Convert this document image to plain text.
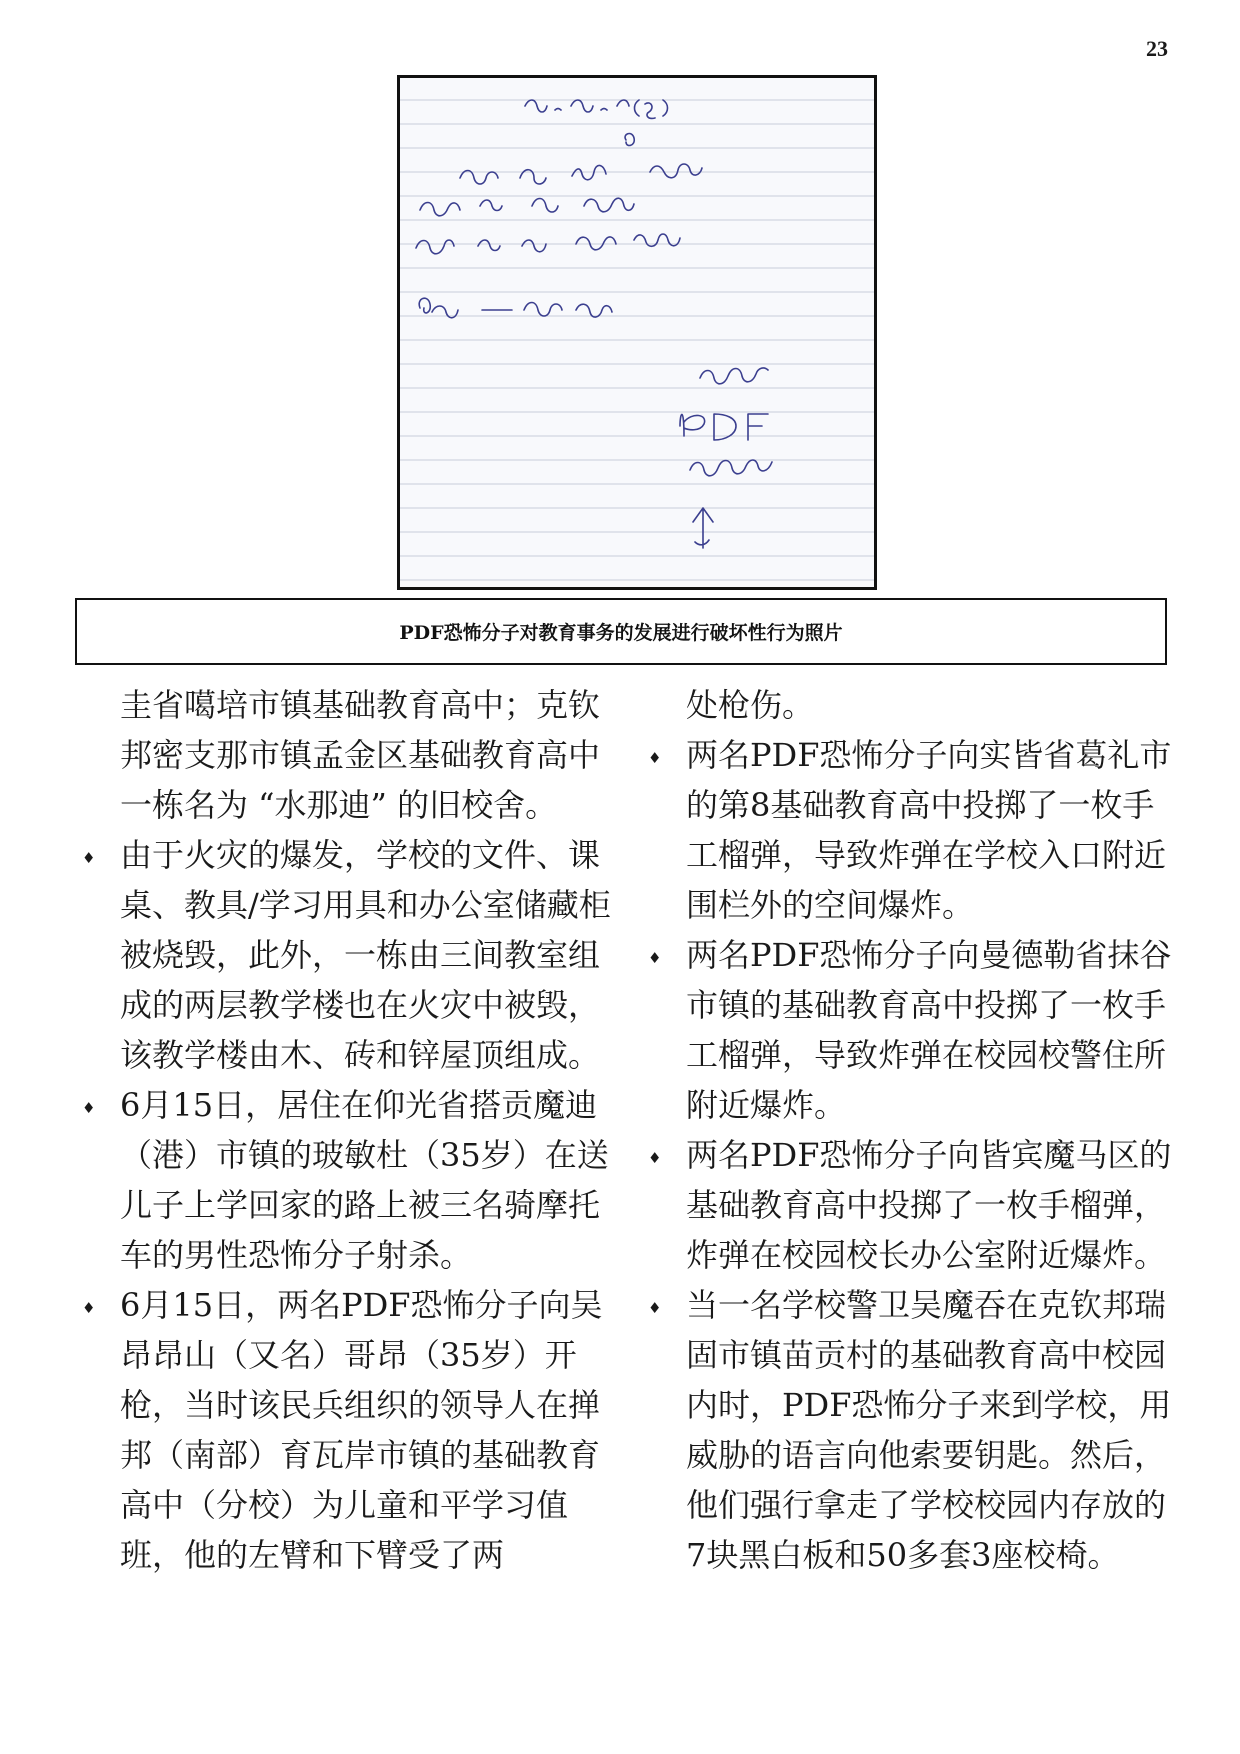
23
PDF恐怖分子对教育事务的发展进行破坏性行为照片

圭省噶培市镇基础教育高中；克钦邦密支那市镇孟金区基础教育高中一栋名为 “水那迪” 的旧校舍。

♦ 由于火灾的爆发，学校的文件、课桌、教具/学习用具和办公室储藏柜被烧毁，此外，一栋由三间教室组成的两层教学楼也在火灾中被毁，该教学楼由木、砖和锌屋顶组成。

♦ 6月15日，居住在仰光省搭贡魔迪（港）市镇的玻敏杜（35岁）在送儿子上学回家的路上被三名骑摩托车的男性恐怖分子射杀。

♦ 6月15日，两名PDF恐怖分子向吴昂昂山（又名）哥昂（35岁）开枪，当时该民兵组织的领导人在掸邦（南部）育瓦岸市镇的基础教育高中（分校）为儿童和平学习值班，他的左臂和下臂受了两

处枪伤。

♦ 两名PDF恐怖分子向实皆省葛礼市的第8基础教育高中投掷了一枚手工榴弹，导致炸弹在学校入口附近围栏外的空间爆炸。

♦ 两名PDF恐怖分子向曼德勒省抹谷市镇的基础教育高中投掷了一枚手工榴弹，导致炸弹在校园校警住所附近爆炸。

♦ 两名PDF恐怖分子向皆宾魔马区的基础教育高中投掷了一枚手榴弹，炸弹在校园校长办公室附近爆炸。

♦ 当一名学校警卫吴魔吞在克钦邦瑞固市镇苗贡村的基础教育高中校园内时，PDF恐怖分子来到学校，用威胁的语言向他索要钥匙。然后，他们强行拿走了学校校园内存放的7块黑白板和50多套3座校椅。
